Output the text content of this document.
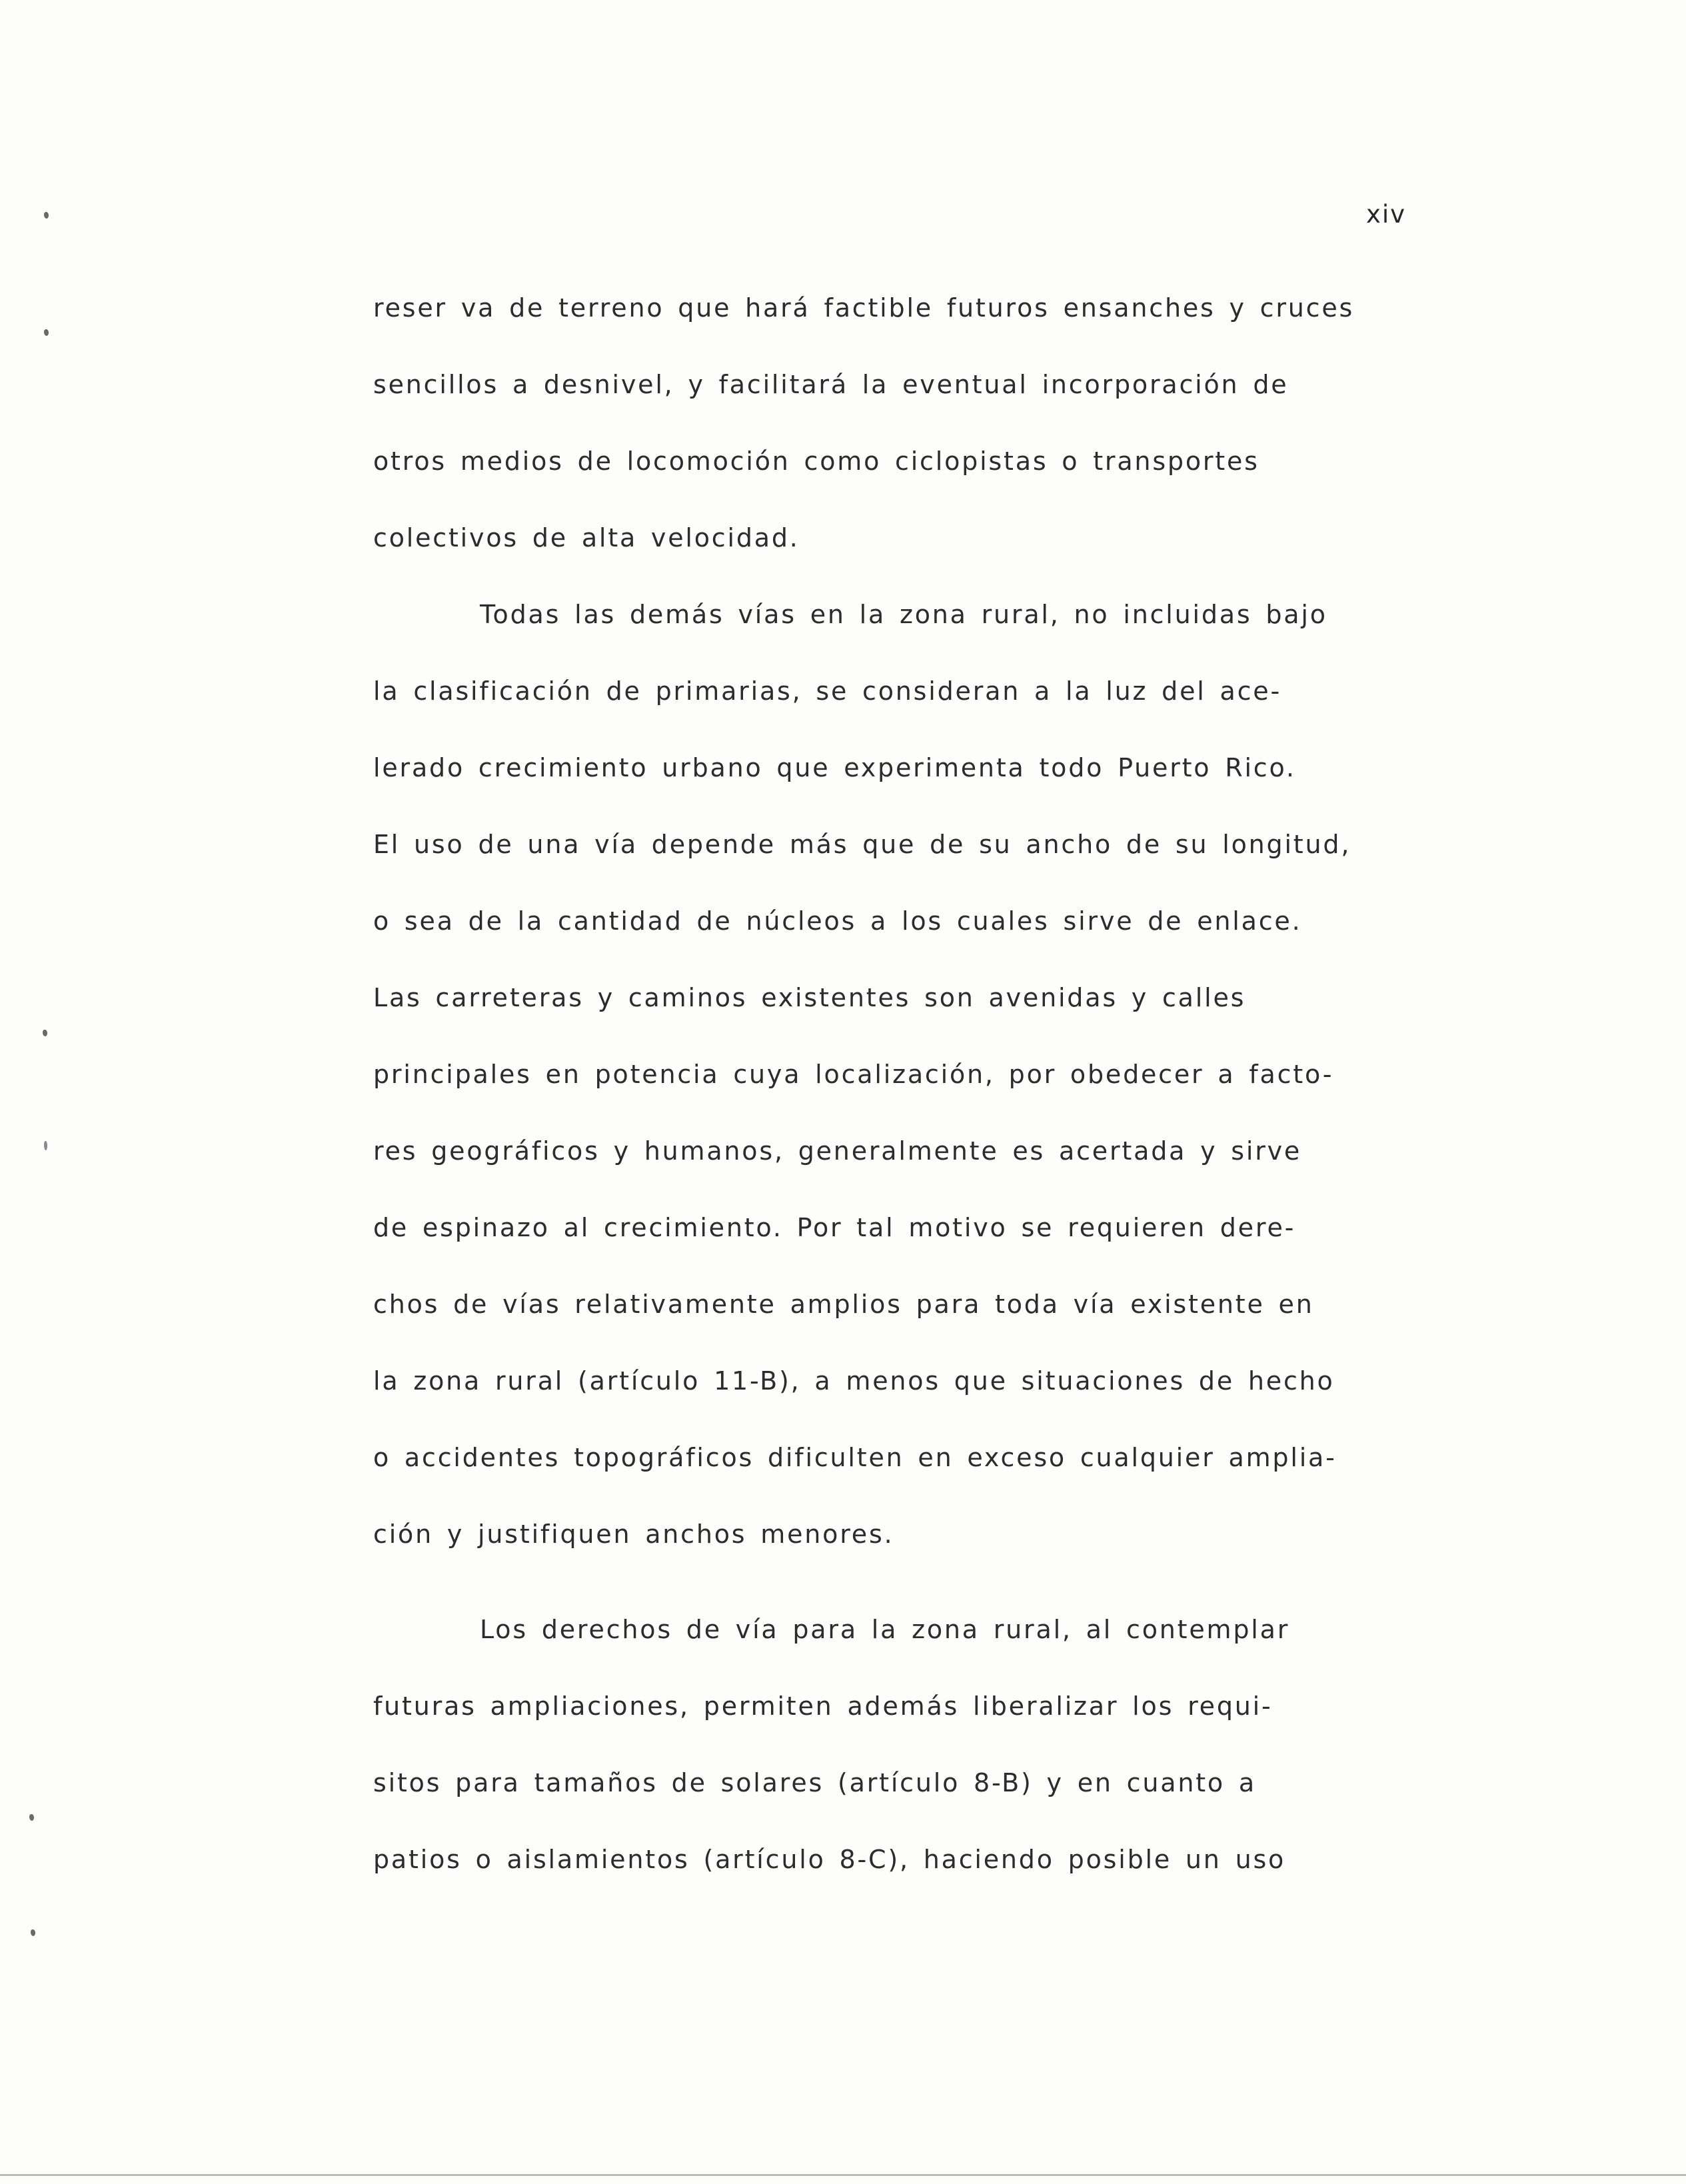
xiv
reser va de terreno que hará factible futuros ensanches y cruces
sencillos a desnivel, y facilitará la eventual incorporación de
otros medios de locomoción como ciclopistas o transportes
colectivos de alta velocidad.
Todas las demás vías en la zona rural, no incluidas bajo
la clasificación de primarias, se consideran a la luz del ace-
lerado crecimiento urbano que experimenta todo Puerto Rico.
El uso de una vía depende más que de su ancho de su longitud,
o sea de la cantidad de núcleos a los cuales sirve de enlace.
Las carreteras y caminos existentes son avenidas y calles
principales en potencia cuya localización, por obedecer a facto-
res geográficos y humanos, generalmente es acertada y sirve
de espinazo al crecimiento. Por tal motivo se requieren dere-
chos de vías relativamente amplios para toda vía existente en
la zona rural (artículo 11-B), a menos que situaciones de hecho
o accidentes topográficos dificulten en exceso cualquier amplia-
ción y justifiquen anchos menores.
Los derechos de vía para la zona rural, al contemplar
futuras ampliaciones, permiten además liberalizar los requi-
sitos para tamaños de solares (artículo 8-B) y en cuanto a
patios o aislamientos (artículo 8-C), haciendo posible un uso
